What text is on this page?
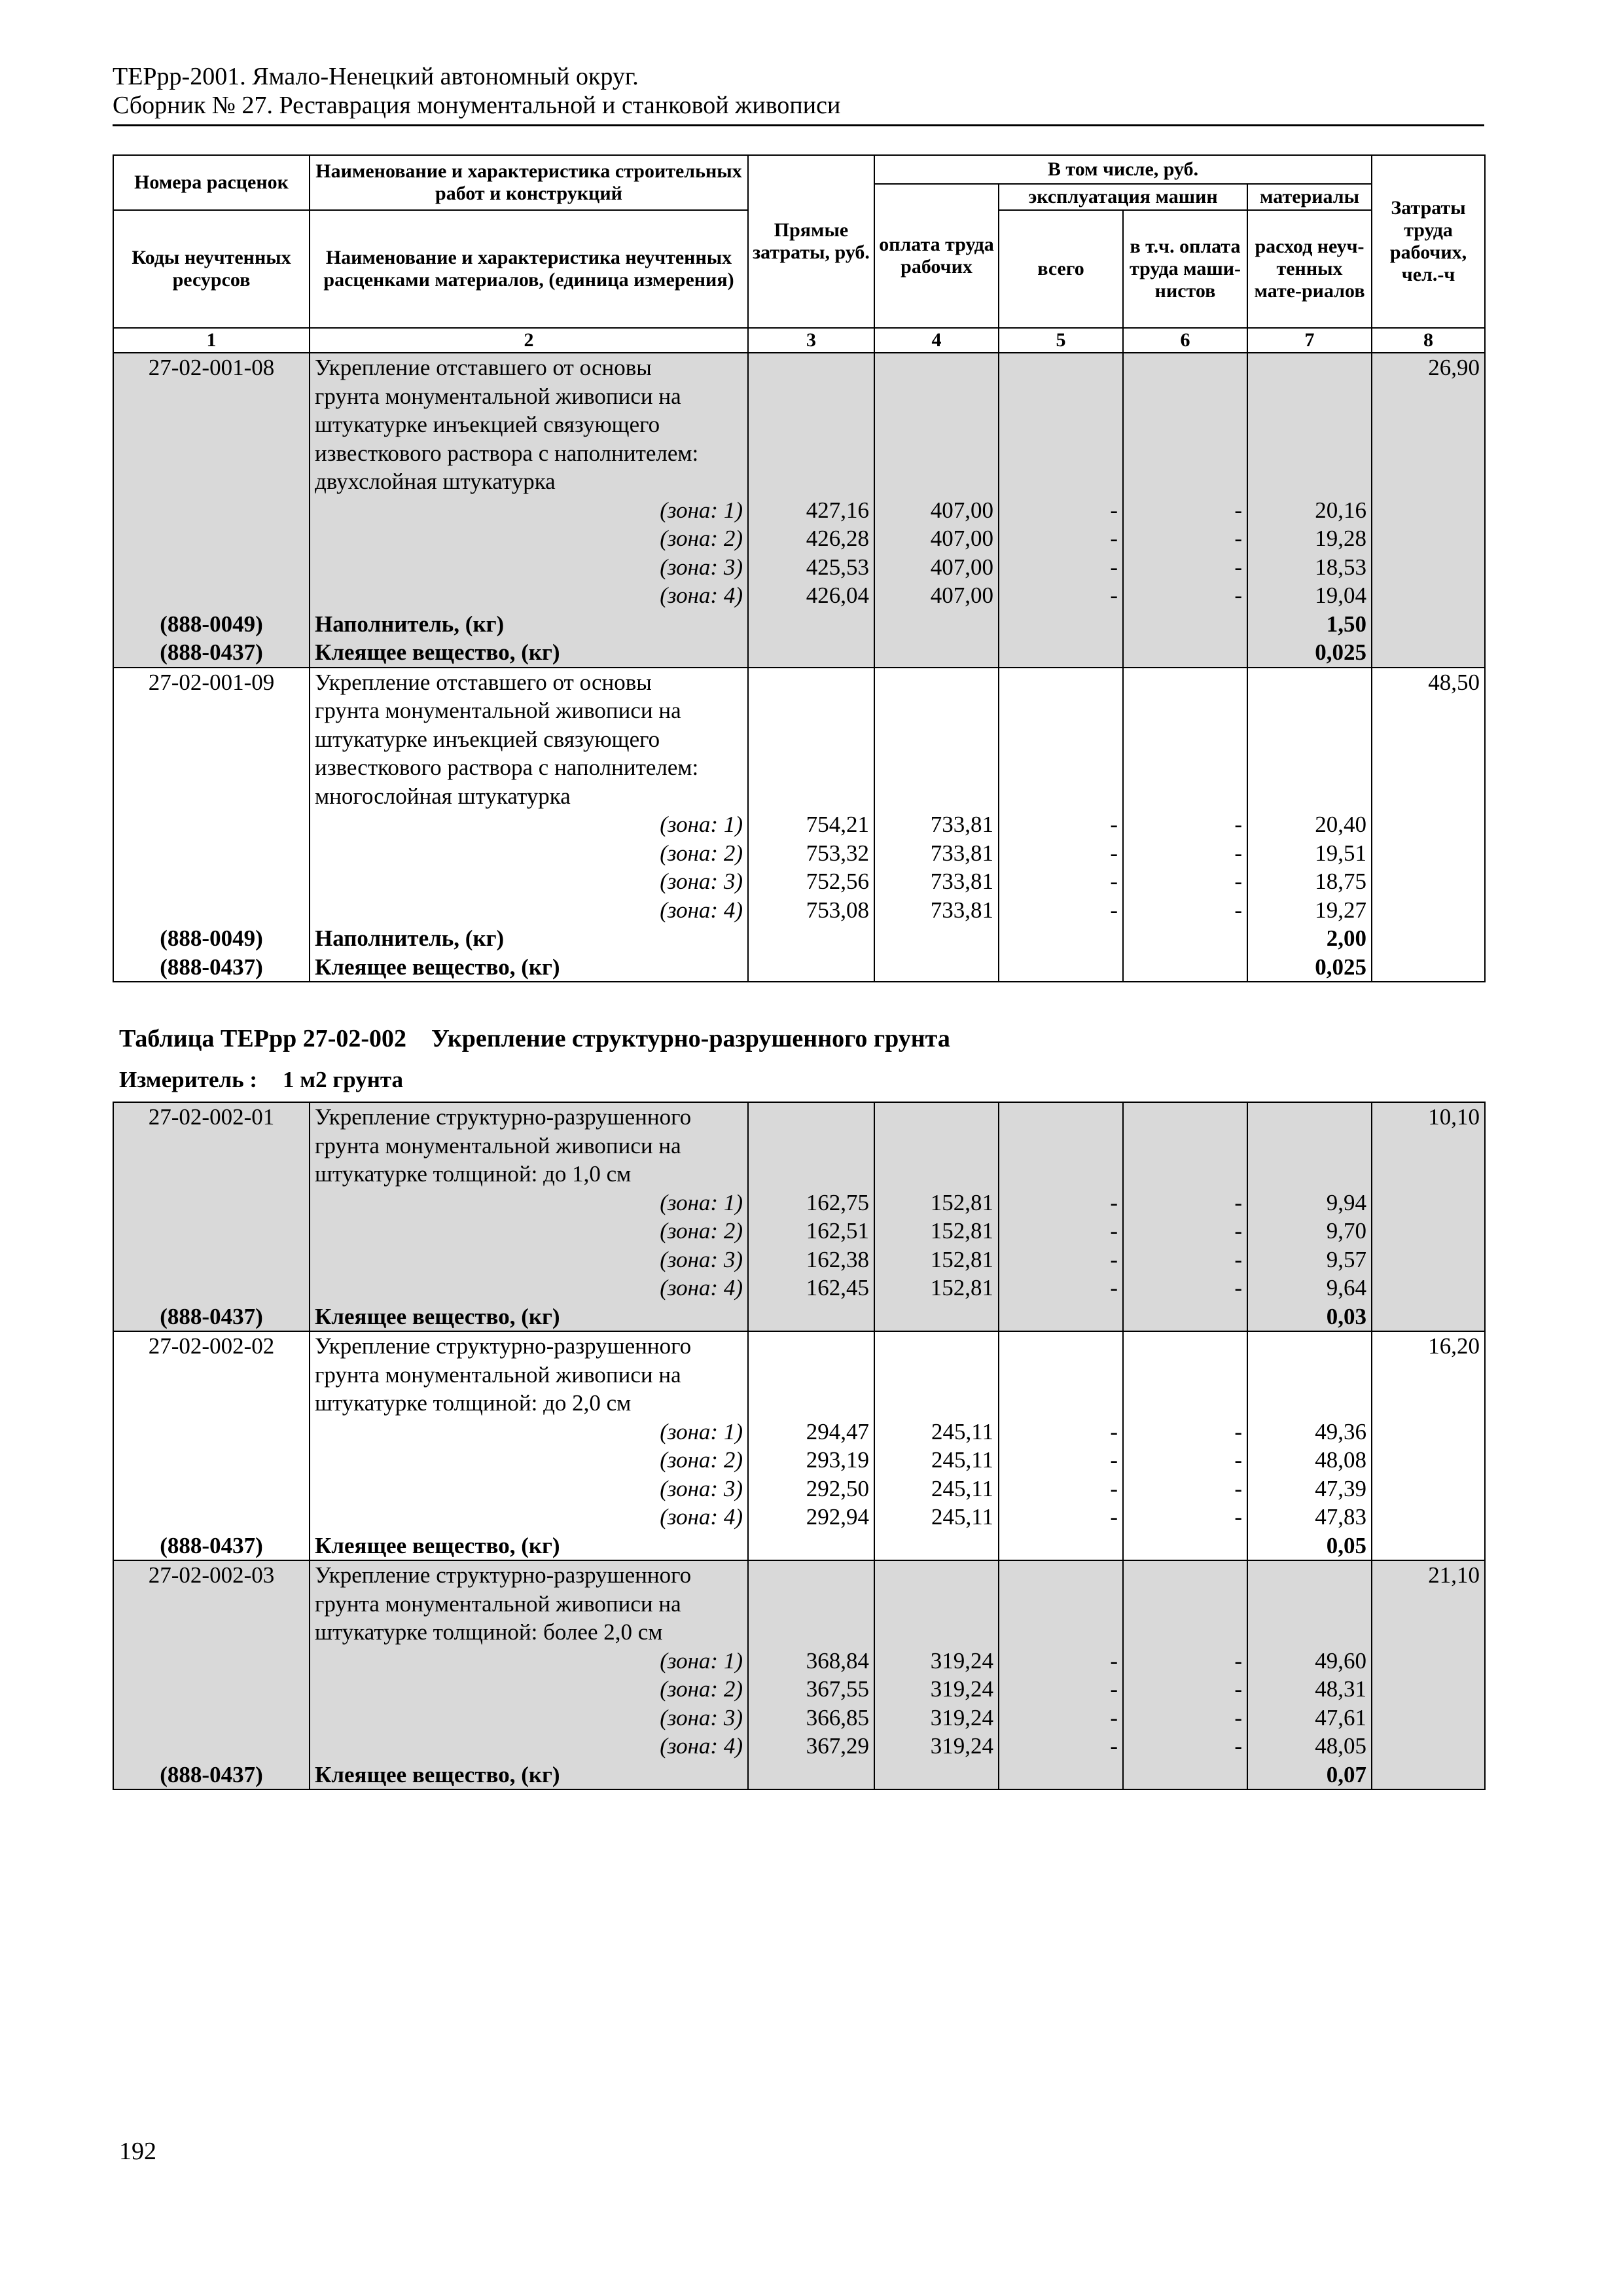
ТЕРрр-2001. Ямало-Ненецкий автономный округ.
Сборник № 27. Реставрация монументальной и станковой живописи
Номера расценок	Наименование и характеристика строительных работ и конструкций	Прямые затраты, руб.	В том числе, руб.				Затраты труда рабочих, чел.-ч
			оплата труда рабочих	эксплуатация машин		материалы	
Коды неучтенных ресурсов	Наименование и характеристика неучтенных расценками материалов, (единица измерения)			всего	в т.ч. оплата труда маши-нистов	расход неуч-тенных мате-риалов	

1	2	3	4	5	6	7	8
27-02-001-08	Укрепление отставшего от основы						26,90
	грунта монументальной живописи на						
	штукатурке инъекцией связующего						
	известкового раствора с наполнителем:						
	двухслойная штукатурка						
	(зона: 1)	427,16	407,00	-	-	20,16	
	(зона: 2)	426,28	407,00	-	-	19,28	
	(зона: 3)	425,53	407,00	-	-	18,53	
	(зона: 4)	426,04	407,00	-	-	19,04	
(888-0049)	Наполнитель, (кг)					1,50	
(888-0437)	Клеящее вещество, (кг)					0,025	
27-02-001-09	Укрепление отставшего от основы						48,50
	грунта монументальной живописи на						
	штукатурке инъекцией связующего						
	известкового раствора с наполнителем:						
	многослойная штукатурка						
	(зона: 1)	754,21	733,81	-	-	20,40	
	(зона: 2)	753,32	733,81	-	-	19,51	
	(зона: 3)	752,56	733,81	-	-	18,75	
	(зона: 4)	753,08	733,81	-	-	19,27	
(888-0049)	Наполнитель, (кг)					2,00	
(888-0437)	Клеящее вещество, (кг)					0,025	
Таблица ТЕРрр 27-02-002 Укрепление структурно-разрушенного грунта
Измеритель : 1 м2 грунта
27-02-002-01	Укрепление структурно-разрушенного						10,10
	грунта монументальной живописи на						
	штукатурке толщиной: до 1,0 см						
	(зона: 1)	162,75	152,81	-	-	9,94	
	(зона: 2)	162,51	152,81	-	-	9,70	
	(зона: 3)	162,38	152,81	-	-	9,57	
	(зона: 4)	162,45	152,81	-	-	9,64	
(888-0437)	Клеящее вещество, (кг)					0,03	
27-02-002-02	Укрепление структурно-разрушенного						16,20
	грунта монументальной живописи на						
	штукатурке толщиной: до 2,0 см						
	(зона: 1)	294,47	245,11	-	-	49,36	
	(зона: 2)	293,19	245,11	-	-	48,08	
	(зона: 3)	292,50	245,11	-	-	47,39	
	(зона: 4)	292,94	245,11	-	-	47,83	
(888-0437)	Клеящее вещество, (кг)					0,05	
27-02-002-03	Укрепление структурно-разрушенного						21,10
	грунта монументальной живописи на						
	штукатурке толщиной: более 2,0 см						
	(зона: 1)	368,84	319,24	-	-	49,60	
	(зона: 2)	367,55	319,24	-	-	48,31	
	(зона: 3)	366,85	319,24	-	-	47,61	
	(зона: 4)	367,29	319,24	-	-	48,05	
(888-0437)	Клеящее вещество, (кг)					0,07	
192
